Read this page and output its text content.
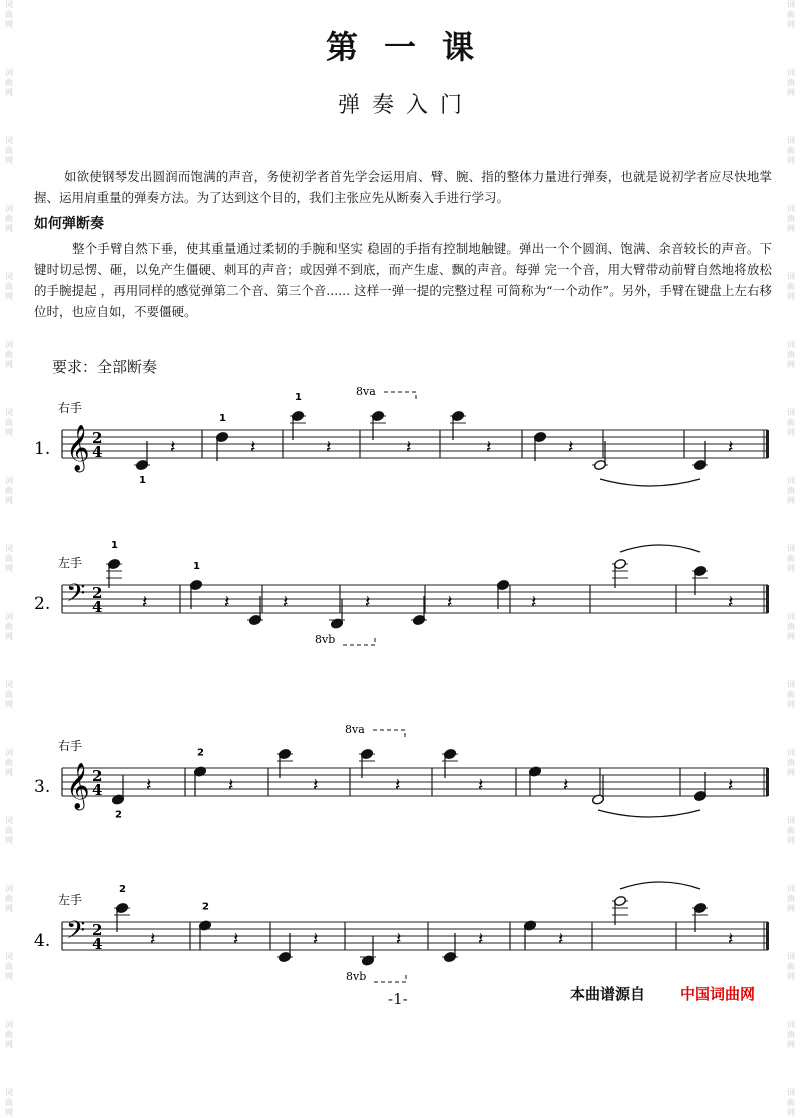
词
曲
网
词
曲
网
词
曲
网
词
曲
网
词
曲
网
词
曲
网
词
曲
网
词
曲
网
词
曲
网
词
曲
网
词
曲
网
词
曲
网
词
曲
网
词
曲
网
词
曲
网
词
曲
网
词
曲
网
词
曲
网
词
曲
网
词
曲
网
词
曲
网
词
曲
网
词
曲
网
词
曲
网
词
曲
网
词
曲
网
词
曲
网
词
曲
网
词
曲
网
词
曲
网
词
曲
网
词
曲
网
词
曲
网
词
曲
网
第一课
弹奏入门
如欲使钢琴发出圆润而饱满的声音，务使初学者首先学会运用肩、臂、腕、指的整体力量进行弹奏，也就是说初学者应尽快地掌握、运用肩重量的弹奏方法。为了达到这个目的，我们主张应先从断奏入手进行学习。
如何弹断奏
整个手臂自然下垂，使其重量通过柔韧的手腕和坚实 稳固的手指有控制地触键。弹出一个个圆润、饱满、余音较长的声音。下键时切忌愣、砸，以免产生僵硬、刺耳的声音；或因弹不到底，而产生虚、飘的声音。每弹 完一个音，用大臂带动前臂自然地将放松的手腕提起 ，再用同样的感觉弹第二个音、第三个音...... 这样一弹一提的完整过程 可简称为“一个动作”。另外，手臂在键盘上左右移位时，也应自如，不要僵硬。
要求：全部断奏
1.
右手
𝄞 2
4	𝄽	𝄽	𝄽	𝄽	𝄽	𝄽	𝄽
1
1
1	8va
2.
左手
𝄢 2
4 𝄽	𝄽	𝄽	𝄽	𝄽	𝄽	𝄽
1
1
8vb
3.
右手
𝄞 2
4 𝄽	𝄽	𝄽	𝄽	𝄽	𝄽	𝄽
2
2
8va
4.
左手
𝄢 2
4	𝄽	𝄽	𝄽	𝄽	𝄽	𝄽	𝄽
2
2
8vb
-1-	本曲谱源自 中国词曲网
